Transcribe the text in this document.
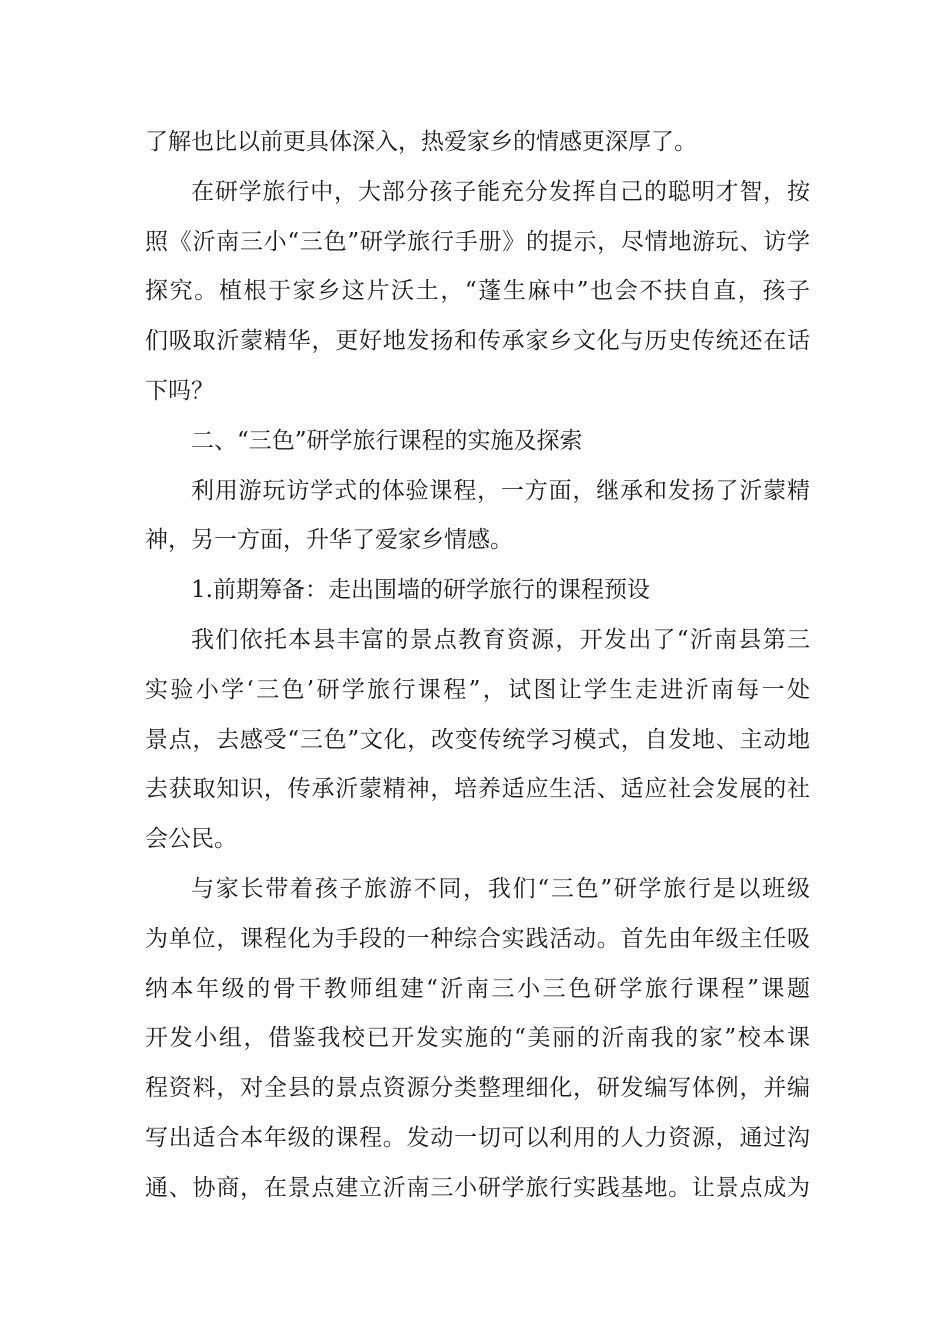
了解也比以前更具体深入，热爱家乡的情感更深厚了。
在研学旅行中，大部分孩子能充分发挥自己的聪明才智，按
照《沂南三小“三色”研学旅行手册》的提示，尽情地游玩、访学
探究。植根于家乡这片沃土，“蓬生麻中”也会不扶自直，孩子
们吸取沂蒙精华，更好地发扬和传承家乡文化与历史传统还在话
下吗？
二、“三色”研学旅行课程的实施及探索
利用游玩访学式的体验课程，一方面，继承和发扬了沂蒙精
神，另一方面，升华了爱家乡情感。
1.前期筹备：走出围墙的研学旅行的课程预设
我们依托本县丰富的景点教育资源，开发出了“沂南县第三
实验小学‘三色’研学旅行课程”，试图让学生走进沂南每一处
景点，去感受“三色”文化，改变传统学习模式，自发地、主动地
去获取知识，传承沂蒙精神，培养适应生活、适应社会发展的社
会公民。
与家长带着孩子旅游不同，我们“三色”研学旅行是以班级
为单位，课程化为手段的一种综合实践活动。首先由年级主任吸
纳本年级的骨干教师组建“沂南三小三色研学旅行课程”课题
开发小组，借鉴我校已开发实施的“美丽的沂南我的家”校本课
程资料，对全县的景点资源分类整理细化，研发编写体例，并编
写出适合本年级的课程。发动一切可以利用的人力资源，通过沟
通、协商，在景点建立沂南三小研学旅行实践基地。让景点成为
